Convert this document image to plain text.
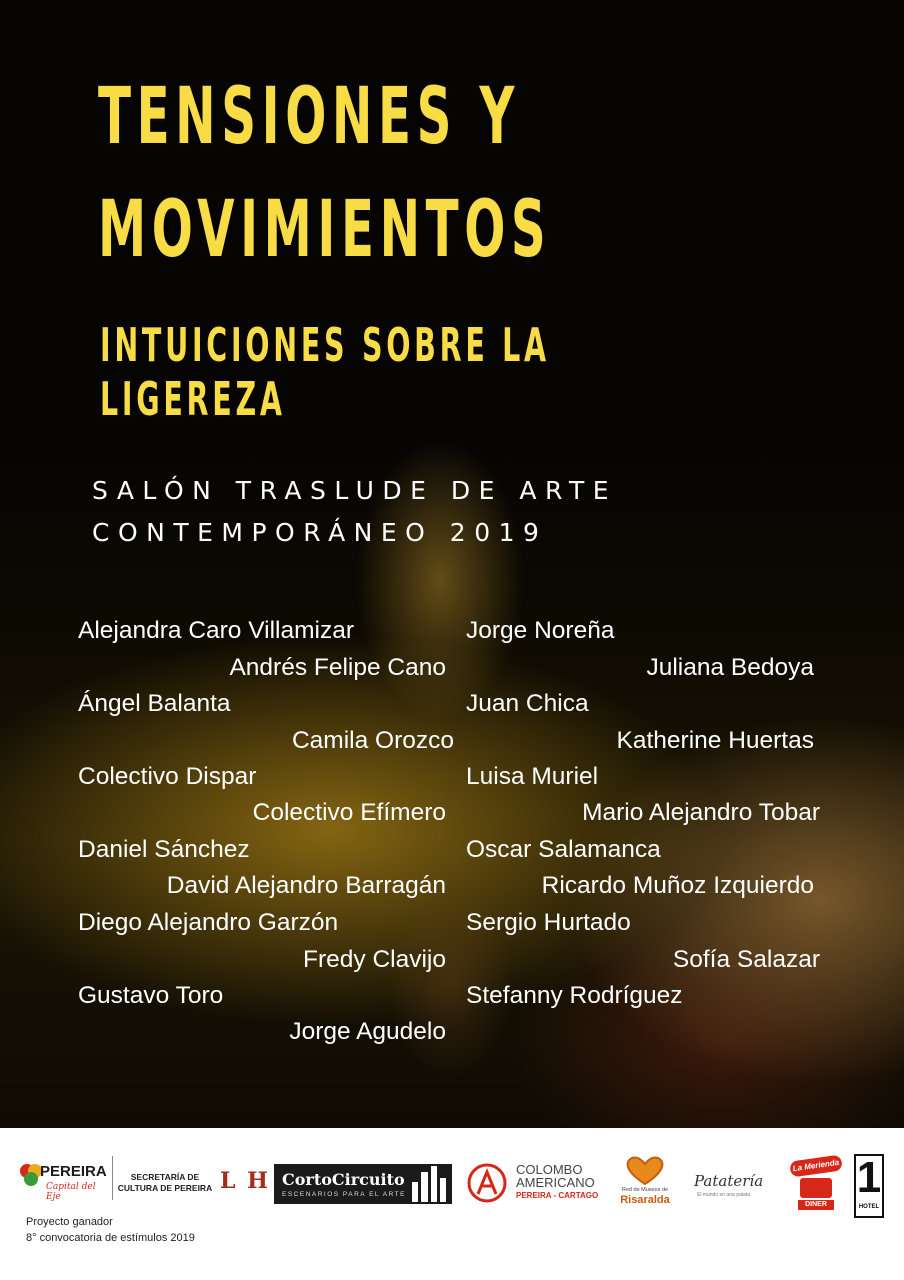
TENSIONES Y
MOVIMIENTOS
INTUICIONES SOBRE LA
LIGEREZA
SALÓN TRASLUDE DE ARTE
CONTEMPORÁNEO 2019
Alejandra Caro Villamizar
Andrés Felipe Cano
Ángel Balanta
Camila Orozco
Colectivo Dispar
Colectivo Efímero
Daniel Sánchez
David Alejandro Barragán
Diego Alejandro Garzón
Fredy Clavijo
Gustavo Toro
Jorge Agudelo
Jorge Noreña
Juliana Bedoya
Juan Chica
Katherine Huertas
Luisa Muriel
Mario Alejandro Tobar
Oscar Salamanca
Ricardo Muñoz Izquierdo
Sergio Hurtado
Sofía Salazar
Stefanny Rodríguez
PEREIRA
Capital del Eje
SECRETARÍA DE CULTURA DE PEREIRA L H CortoCircuito
ESCENARIOS PARA EL ARTE
COLOMBO
AMERICANO
PEREIRA - CARTAGO
Red de Museos de
Risaralda
Patatería
El mundo en una patata
La Merienda
DINER
1
HOTEL
Proyecto ganador
8° convocatoria de estímulos 2019
